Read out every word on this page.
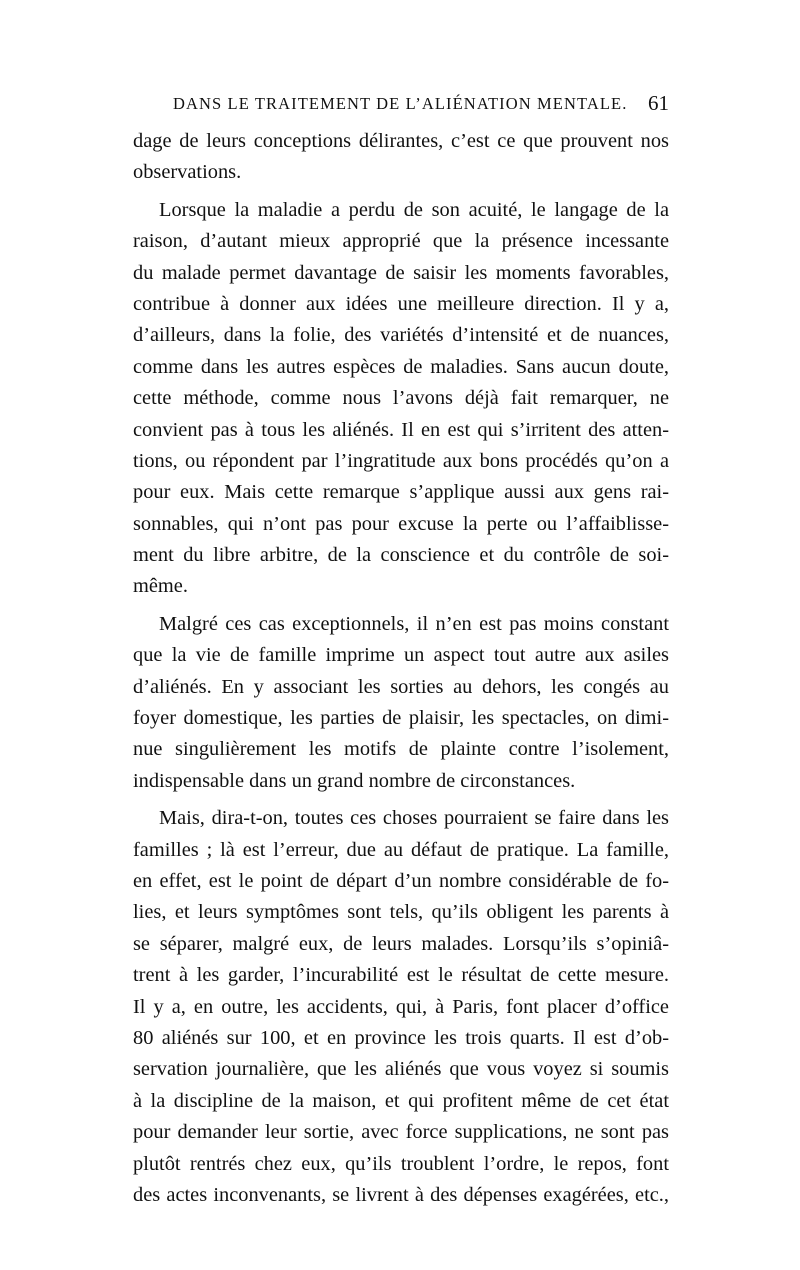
DANS LE TRAITEMENT DE L’ALIÉNATION MENTALE. 61
dage de leurs conceptions délirantes, c’est ce que prouvent nos
observations.
Lorsque la maladie a perdu de son acuité, le langage de la
raison, d’autant mieux approprié que la présence incessante
du malade permet davantage de saisir les moments favorables,
contribue à donner aux idées une meilleure direction. Il y a,
d’ailleurs, dans la folie, des variétés d’intensité et de nuances,
comme dans les autres espèces de maladies. Sans aucun doute,
cette méthode, comme nous l’avons déjà fait remarquer, ne
convient pas à tous les aliénés. Il en est qui s’irritent des atten-
tions, ou répondent par l’ingratitude aux bons procédés qu’on a
pour eux. Mais cette remarque s’applique aussi aux gens rai-
sonnables, qui n’ont pas pour excuse la perte ou l’affaiblisse-
ment du libre arbitre, de la conscience et du contrôle de soi-
même.
Malgré ces cas exceptionnels, il n’en est pas moins constant
que la vie de famille imprime un aspect tout autre aux asiles
d’aliénés. En y associant les sorties au dehors, les congés au
foyer domestique, les parties de plaisir, les spectacles, on dimi-
nue singulièrement les motifs de plainte contre l’isolement,
indispensable dans un grand nombre de circonstances.
Mais, dira-t-on, toutes ces choses pourraient se faire dans les
familles ; là est l’erreur, due au défaut de pratique. La famille,
en effet, est le point de départ d’un nombre considérable de fo-
lies, et leurs symptômes sont tels, qu’ils obligent les parents à
se séparer, malgré eux, de leurs malades. Lorsqu’ils s’opiniâ-
trent à les garder, l’incurabilité est le résultat de cette mesure.
Il y a, en outre, les accidents, qui, à Paris, font placer d’office
80 aliénés sur 100, et en province les trois quarts. Il est d’ob-
servation journalière, que les aliénés que vous voyez si soumis
à la discipline de la maison, et qui profitent même de cet état
pour demander leur sortie, avec force supplications, ne sont pas
plutôt rentrés chez eux, qu’ils troublent l’ordre, le repos, font
des actes inconvenants, se livrent à des dépenses exagérées, etc.,
